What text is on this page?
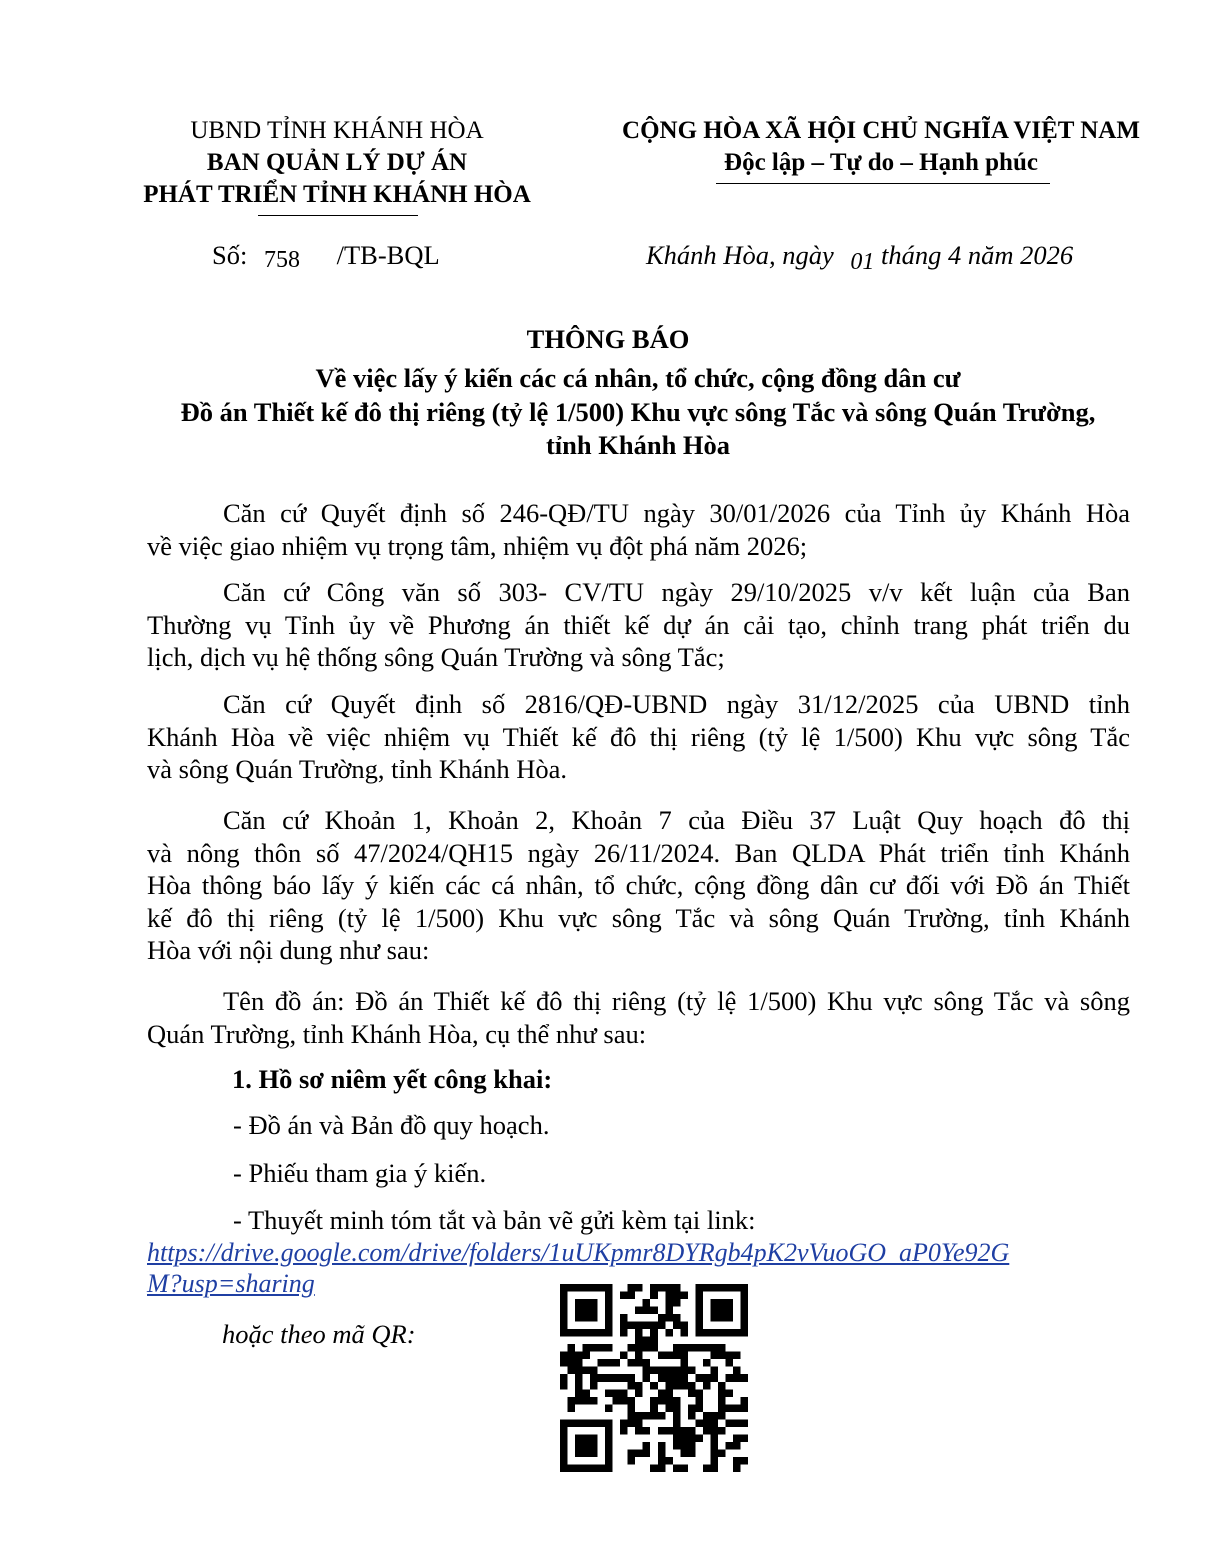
UBND TỈNH KHÁNH HÒA
BAN QUẢN LÝ DỰ ÁN
PHÁT TRIỂN TỈNH KHÁNH HÒA
CỘNG HÒA XÃ HỘI CHỦ NGHĨA VIỆT NAM
Độc lập – Tự do – Hạnh phúc
Số: 758 /TB-BQL	Khánh Hòa, ngày 01 tháng 4 năm 2026
THÔNG BÁO
Về việc lấy ý kiến các cá nhân, tổ chức, cộng đồng dân cư
Đồ án Thiết kế đô thị riêng (tỷ lệ 1/500) Khu vực sông Tắc và sông Quán Trường,
tỉnh Khánh Hòa
Căn cứ Quyết định số 246-QĐ/TU ngày 30/01/2026 của Tỉnh ủy Khánh Hòa
về việc giao nhiệm vụ trọng tâm, nhiệm vụ đột phá năm 2026;
Căn cứ Công văn số 303- CV/TU ngày 29/10/2025 v/v kết luận của Ban
Thường vụ Tỉnh ủy về Phương án thiết kế dự án cải tạo, chỉnh trang phát triển du
lịch, dịch vụ hệ thống sông Quán Trường và sông Tắc;
Căn cứ Quyết định số 2816/QĐ-UBND ngày 31/12/2025 của UBND tỉnh
Khánh Hòa về việc nhiệm vụ Thiết kế đô thị riêng (tỷ lệ 1/500) Khu vực sông Tắc
và sông Quán Trường, tỉnh Khánh Hòa.
Căn cứ Khoản 1, Khoản 2, Khoản 7 của Điều 37 Luật Quy hoạch đô thị
và nông thôn số 47/2024/QH15 ngày 26/11/2024. Ban QLDA Phát triển tỉnh Khánh
Hòa thông báo lấy ý kiến các cá nhân, tổ chức, cộng đồng dân cư đối với Đồ án Thiết
kế đô thị riêng (tỷ lệ 1/500) Khu vực sông Tắc và sông Quán Trường, tỉnh Khánh
Hòa với nội dung như sau:
Tên đồ án: Đồ án Thiết kế đô thị riêng (tỷ lệ 1/500) Khu vực sông Tắc và sông
Quán Trường, tỉnh Khánh Hòa, cụ thể như sau:
1. Hồ sơ niêm yết công khai:
- Đồ án và Bản đồ quy hoạch.
- Phiếu tham gia ý kiến.
- Thuyết minh tóm tắt và bản vẽ gửi kèm tại link:
https://drive.google.com/drive/folders/1uUKpmr8DYRgb4pK2vVuoGO_aP0Ye92G
M?usp=sharing
hoặc theo mã QR:
